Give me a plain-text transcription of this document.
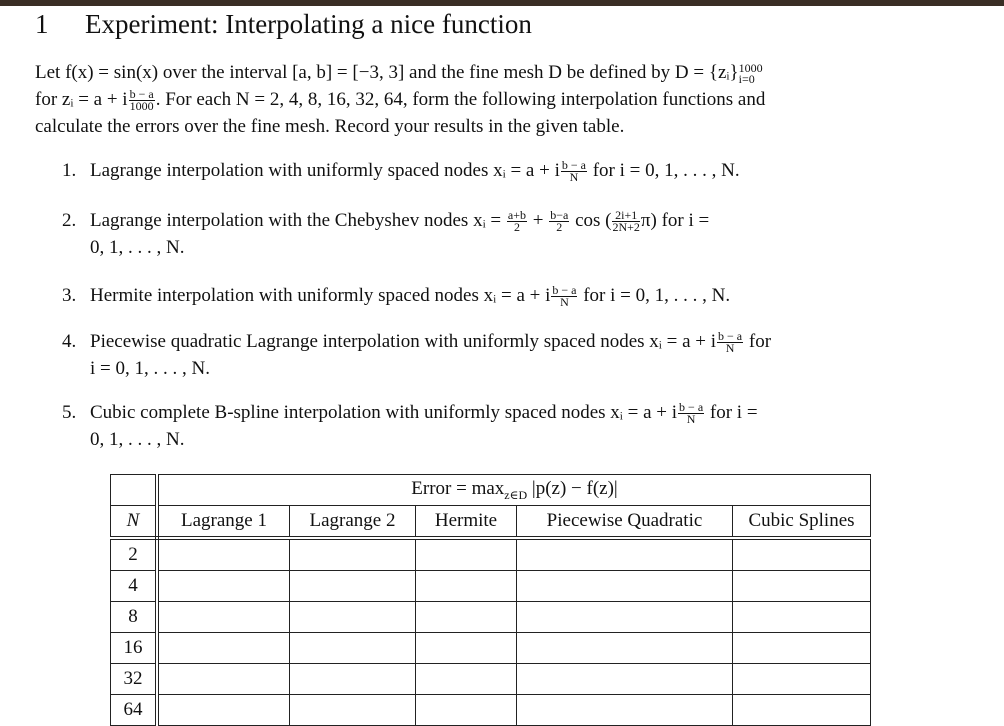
1 Experiment: Interpolating a nice function
Let f(x) = sin(x) over the interval [a, b] = [−3, 3] and the fine mesh D be defined by D = {zᵢ} 1000
i=0
for zᵢ = a + i $\frac{b - a}{1000}$ . For each N = 2, 4, 8, 16, 32, 64, form the following interpolation functions and
calculate the errors over the fine mesh. Record your results in the given table.
1. Lagrange interpolation with uniformly spaced nodes xᵢ = a + i $\frac{b - a}{N}$ for i = 0, 1, . . . , N.
2. Lagrange interpolation with the Chebyshev nodes xᵢ = $\frac{a+b}{2} + \frac{b-a}{2}$ cos ( $\frac{2i+1}{2N+2} \pi$) for i =
0, 1, . . . , N.
3. Hermite interpolation with uniformly spaced nodes xᵢ = a + i $\frac{b - a}{N}$ for i = 0, 1, . . . , N.
4. Piecewise quadratic Lagrange interpolation with uniformly spaced nodes xᵢ = a + i $\frac{b - a}{N}$ for
i = 0, 1, . . . , N.
5. Cubic complete B-spline interpolation with uniformly spaced nodes xᵢ = a + i $\frac{b - a}{N}$ for i =
0, 1, . . . , N.
	Error = $\max_{z\in D} |p(z) - f(z)|$				
N	Lagrange 1	Lagrange 2	Hermite	Piecewise Quadratic	Cubic Splines
2					
4					
8					
16					
32					
64					
